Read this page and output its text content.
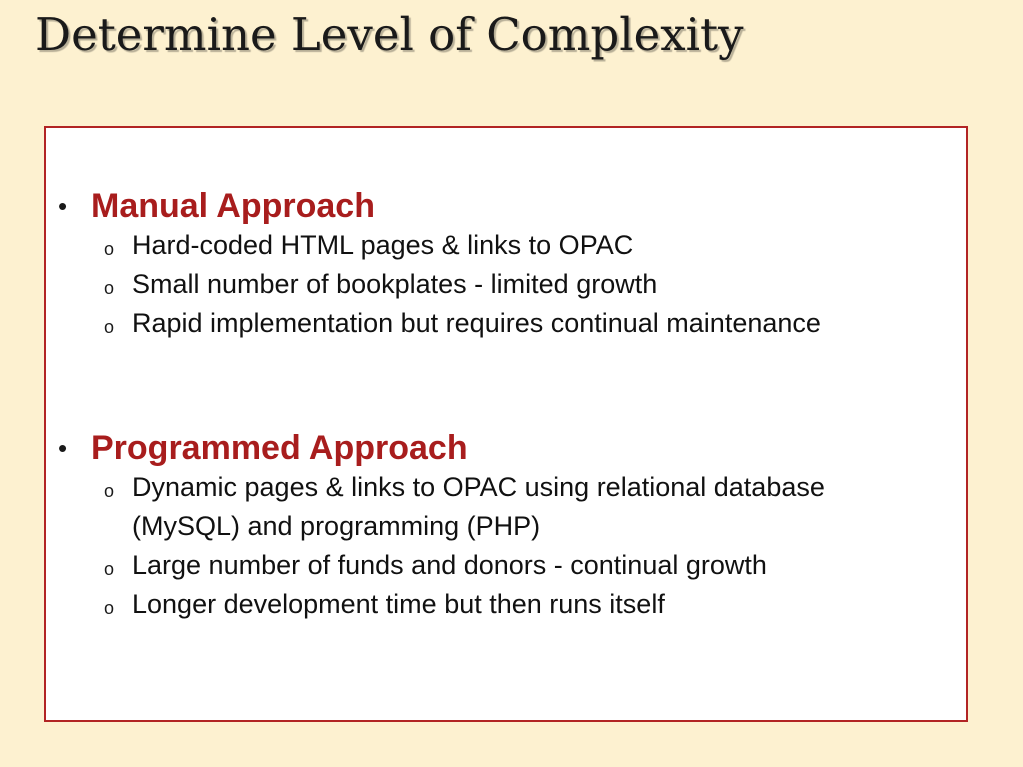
Determine Level of Complexity
• Manual Approach
o Hard-coded HTML pages & links to OPAC
o Small number of bookplates - limited growth
o Rapid implementation but requires continual maintenance
• Programmed Approach
o Dynamic pages & links to OPAC using relational database (MySQL) and programming (PHP)
o Large number of funds and donors - continual growth
o Longer development time but then runs itself
